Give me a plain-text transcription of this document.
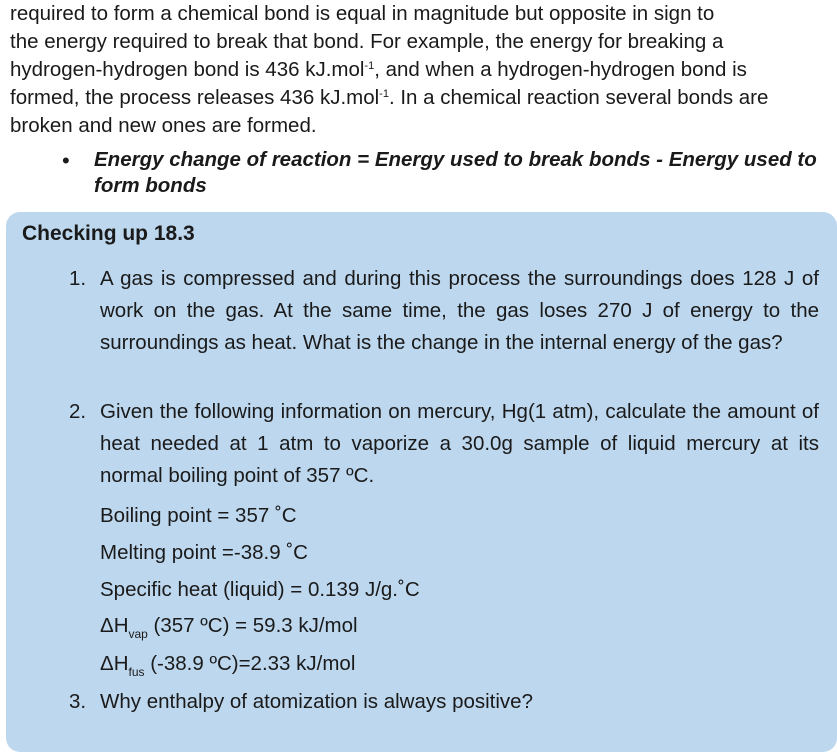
required to form a chemical bond is equal in magnitude but opposite in sign to
the energy required to break that bond. For example, the energy for breaking a
hydrogen-hydrogen bond is 436 kJ.mol$^{-1}$, and when a hydrogen-hydrogen bond is
formed, the process releases 436 kJ.mol$^{-1}$. In a chemical reaction several bonds are
broken and new ones are formed.
•	Energy change of reaction = Energy used to break bonds - Energy used to form bonds
Checking up 18.3
1. A gas is compressed and during this process the surroundings does 128 J of work on the gas. At the same time, the gas loses 270 J of energy to the surroundings as heat. What is the change in the internal energy of the gas?
2. Given the following information on mercury, Hg(1 atm), calculate the amount of heat needed at 1 atm to vaporize a 30.0g sample of liquid mercury at its normal boiling point of 357 ºC.
Boiling point = 357 ˚C
Melting point =-38.9 ˚C
Specific heat (liquid) = 0.139 J/g.˚C
$\Delta H_{vap}$ (357 ºC) = 59.3 kJ/mol
$\Delta H_{fus}$ (-38.9 ºC)=2.33 kJ/mol
3. Why enthalpy of atomization is always positive?
